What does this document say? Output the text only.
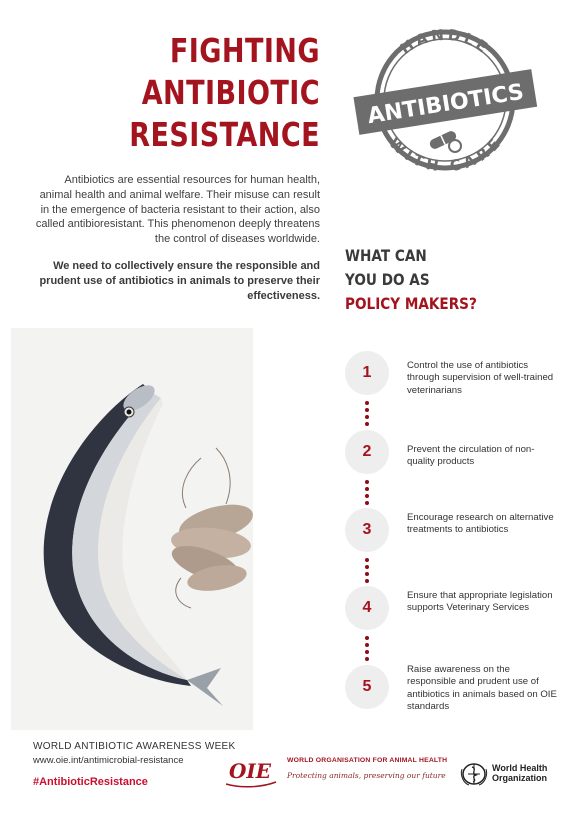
FIGHTING
ANTIBIOTIC
RESISTANCE
HANDLE
WITH CARE
ANTIBIOTICS
Antibiotics are essential resources for human health, animal health and animal welfare. Their misuse can result in the emergence of bacteria resistant to their action, also called antibioresistant. This phenomenon deeply threatens the control of diseases worldwide.
We need to collectively ensure the responsible and prudent use of antibiotics in animals to preserve their effectiveness.
WHAT CAN
YOU DO AS
POLICY MAKERS?
1	Control the use of antibiotics through supervision of well-trained veterinarians
2	Prevent the circulation of non-quality products
3
Encourage research on alternative treatments to antibiotics
4
Ensure that appropriate legislation supports Veterinary Services
5
Raise awareness on the responsible and prudent use of antibiotics in animals based on OIE standards
WORLD ANTIBIOTIC AWARENESS WEEK
www.oie.int/antimicrobial-resistance
#AntibioticResistance	OIE WORLD ORGANISATION FOR ANIMAL HEALTH
Protecting animals, preserving our future
World Health
Organization
